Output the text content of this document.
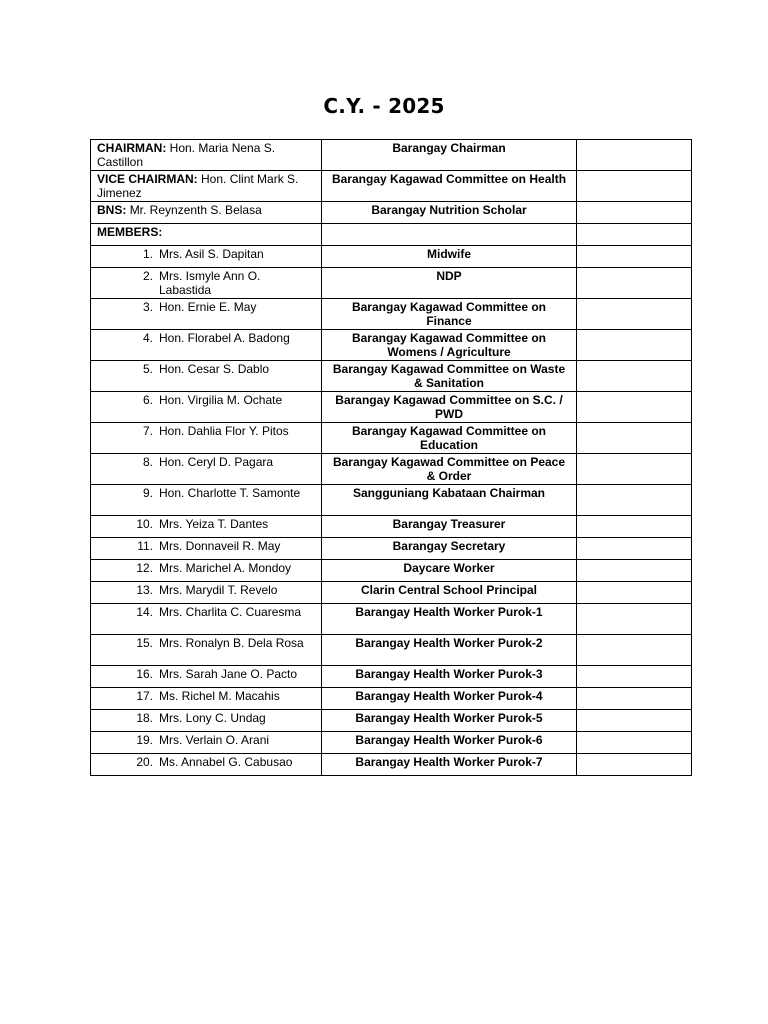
C.Y. - 2025
CHAIRMAN: Hon. Maria Nena S. Castillon	Barangay Chairman	
VICE CHAIRMAN: Hon. Clint Mark S. Jimenez	Barangay Kagawad Committee on Health	
BNS: Mr. Reynzenth S. Belasa	Barangay Nutrition Scholar	
MEMBERS:		

1. Mrs. Asil S. Dapitan	Midwife	

2. Mrs. Ismyle Ann O. Labastida	NDP	

3. Hon. Ernie E. May	Barangay Kagawad Committee on Finance	

4. Hon. Florabel A. Badong	Barangay Kagawad Committee on Womens / Agriculture	

5. Hon. Cesar S. Dablo	Barangay Kagawad Committee on Waste & Sanitation	

6. Hon. Virgilia M. Ochate	Barangay Kagawad Committee on S.C. / PWD	

7. Hon. Dahlia Flor Y. Pitos	Barangay Kagawad Committee on Education	

8. Hon. Ceryl D. Pagara	Barangay Kagawad Committee on Peace & Order	

9. Hon. Charlotte T. Samonte	Sangguniang Kabataan Chairman	

10. Mrs. Yeiza T. Dantes	Barangay Treasurer	

11. Mrs. Donnaveil R. May	Barangay Secretary	

12. Mrs. Marichel A. Mondoy	Daycare Worker	

13. Mrs. Marydil T. Revelo	Clarin Central School Principal	

14. Mrs. Charlita C. Cuaresma	Barangay Health Worker Purok-1	

15. Mrs. Ronalyn B. Dela Rosa	Barangay Health Worker Purok-2	

16. Mrs. Sarah Jane O. Pacto	Barangay Health Worker Purok-3	

17. Ms. Richel M. Macahis	Barangay Health Worker Purok-4	

18. Mrs. Lony C. Undag	Barangay Health Worker Purok-5	

19. Mrs. Verlain O. Arani	Barangay Health Worker Purok-6	

20. Ms. Annabel G. Cabusao	Barangay Health Worker Purok-7	
